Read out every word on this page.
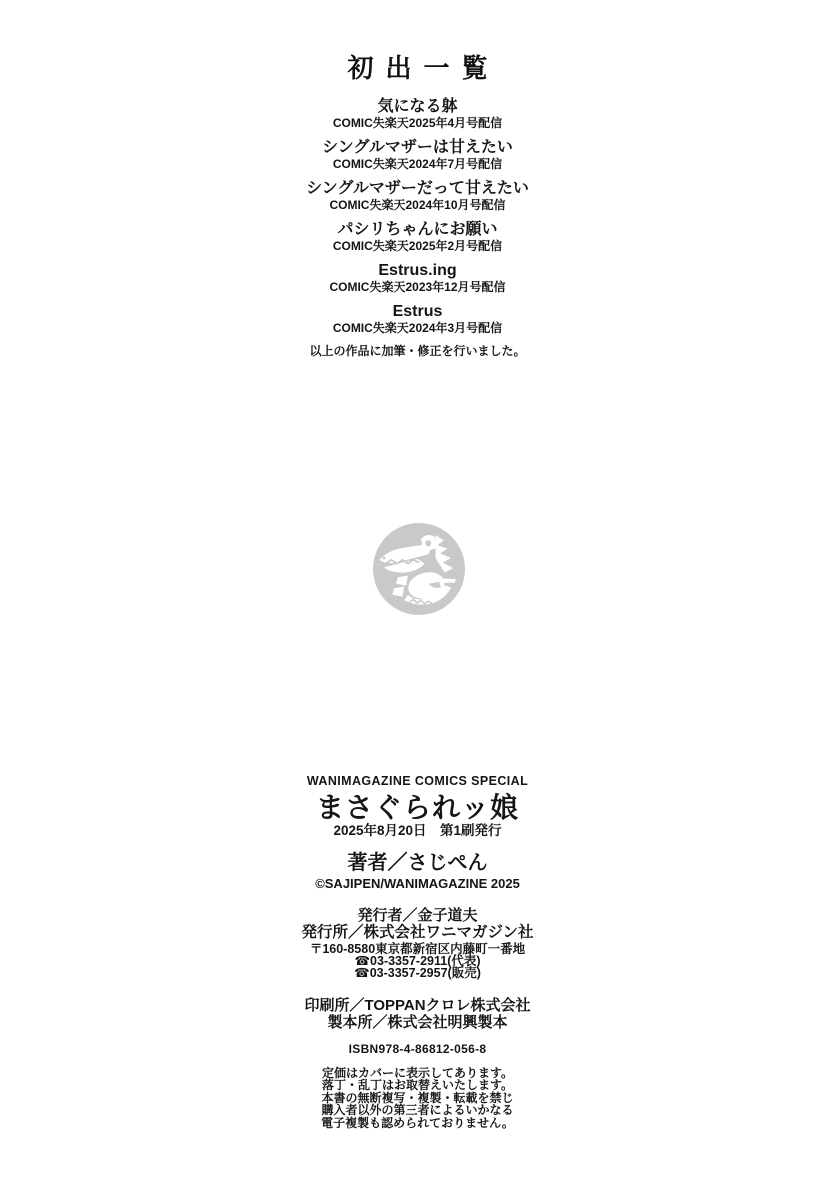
初出一覧
気になる躰
COMIC失楽天2025年4月号配信
シングルマザーは甘えたい
COMIC失楽天2024年7月号配信
シングルマザーだって甘えたい
COMIC失楽天2024年10月号配信
パシリちゃんにお願い
COMIC失楽天2025年2月号配信
Estrus.ing
COMIC失楽天2023年12月号配信
Estrus
COMIC失楽天2024年3月号配信
以上の作品に加筆・修正を行いました。
WANIMAGAZINE COMICS SPECIAL
まさぐられッ娘
2025年8月20日　第1刷発行
著者／さじぺん
©SAJIPEN/WANIMAGAZINE 2025
発行者／金子道夫
発行所／株式会社ワニマガジン社
〒160-8580東京都新宿区内藤町一番地
☎03-3357-2911(代表)
☎03-3357-2957(販売)
印刷所／TOPPANクロレ株式会社
製本所／株式会社明興製本
ISBN978-4-86812-056-8
定価はカバーに表示してあります。
落丁・乱丁はお取替えいたします。
本書の無断複写・複製・転載を禁じ
購入者以外の第三者によるいかなる
電子複製も認められておりません。
